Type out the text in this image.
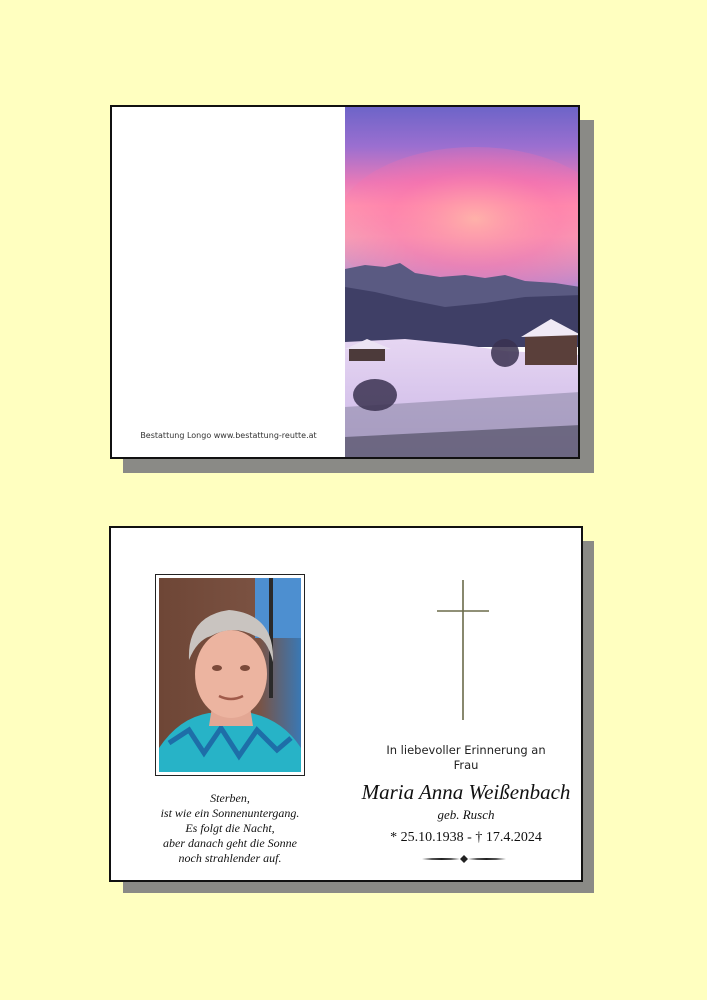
Bestattung Longo www.bestattung-reutte.at
Sterben,
ist wie ein Sonnenuntergang.
Es folgt die Nacht,
aber danach geht die Sonne
noch strahlender auf.
In liebevoller Erinnerung an
Frau
Maria Anna Weißenbach
geb. Rusch
* 25.10.1938 - † 17.4.2024
